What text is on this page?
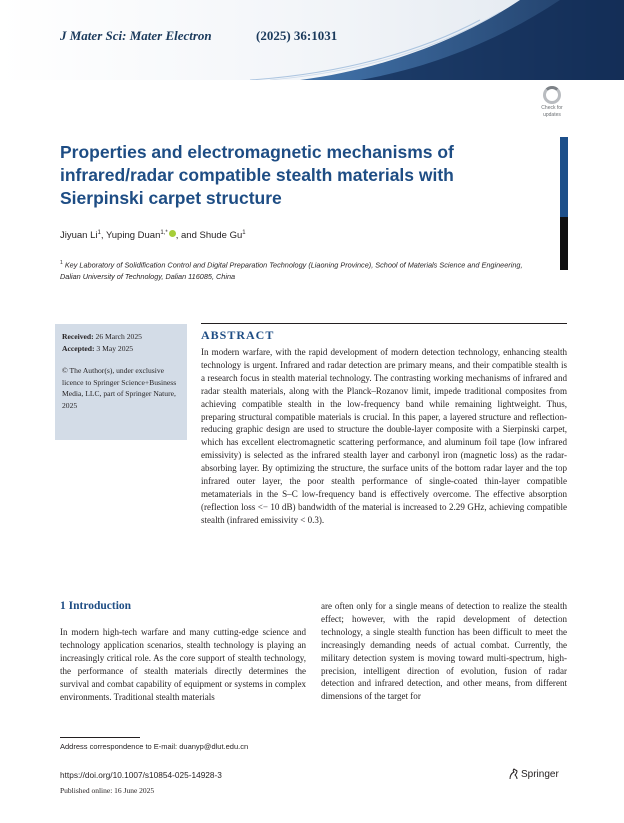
J Mater Sci: Mater Electron	(2025) 36:1031
Check for
updates
Properties and electromagnetic mechanisms of infrared/radar compatible stealth materials with Sierpinski carpet structure
Jiyuan Li$^1$, Yuping Duan$^{1,*}$ , and Shude Gu$^1$
$^1$ Key Laboratory of Solidification Control and Digital Preparation Technology (Liaoning Province), School of Materials Science and Engineering, Dalian University of Technology, Dalian 116085, China
Received: 26 March 2025
Accepted: 3 May 2025
© The Author(s), under exclusive licence to Springer Science+Business Media, LLC, part of Springer Nature, 2025
ABSTRACT

In modern warfare, with the rapid development of modern detection technology, enhancing stealth technology is urgent. Infrared and radar detection are primary means, and their compatible stealth is a research focus in stealth material technology. The contrasting working mechanisms of infrared and radar stealth materials, along with the Planck–Rozanov limit, impede traditional composites from achieving compatible stealth in the low-frequency band while remaining lightweight. Thus, preparing structural compatible materials is crucial. In this paper, a layered structure and reflection-reducing graphic design are used to structure the double-layer composite with a Sierpinski carpet, which has excellent electromagnetic scattering performance, and aluminum foil tape (low infrared emissivity) is selected as the infrared stealth layer and carbonyl iron (magnetic loss) as the radar-absorbing layer. By optimizing the structure, the surface units of the bottom radar layer and the top infrared outer layer, the poor stealth performance of single-coated thin-layer compatible metamaterials in the S–C low-frequency band is effectively overcome. The effective absorption (reflection loss <− 10 dB) bandwidth of the material is increased to 2.29 GHz, achieving compatible stealth (infrared emissivity < 0.3).

1 Introduction

In modern high-tech warfare and many cutting-edge science and technology application scenarios, stealth technology is playing an increasingly critical role. As the core support of stealth technology, the performance of stealth materials directly determines the survival and combat capability of equipment or systems in complex environments. Traditional stealth materials

are often only for a single means of detection to realize the stealth effect; however, with the rapid development of detection technology, a single stealth function has been difficult to meet the increasingly demanding needs of actual combat. Currently, the military detection system is moving toward multi-spectrum, high-precision, intelligent direction of evolution, fusion of radar detection and infrared detection, and other means, from different dimensions of the target for

Address correspondence to E-mail: duanyp@dlut.edu.cn
https://doi.org/10.1007/s10854-025-14928-3
Published online: 16 June 2025
Springer
